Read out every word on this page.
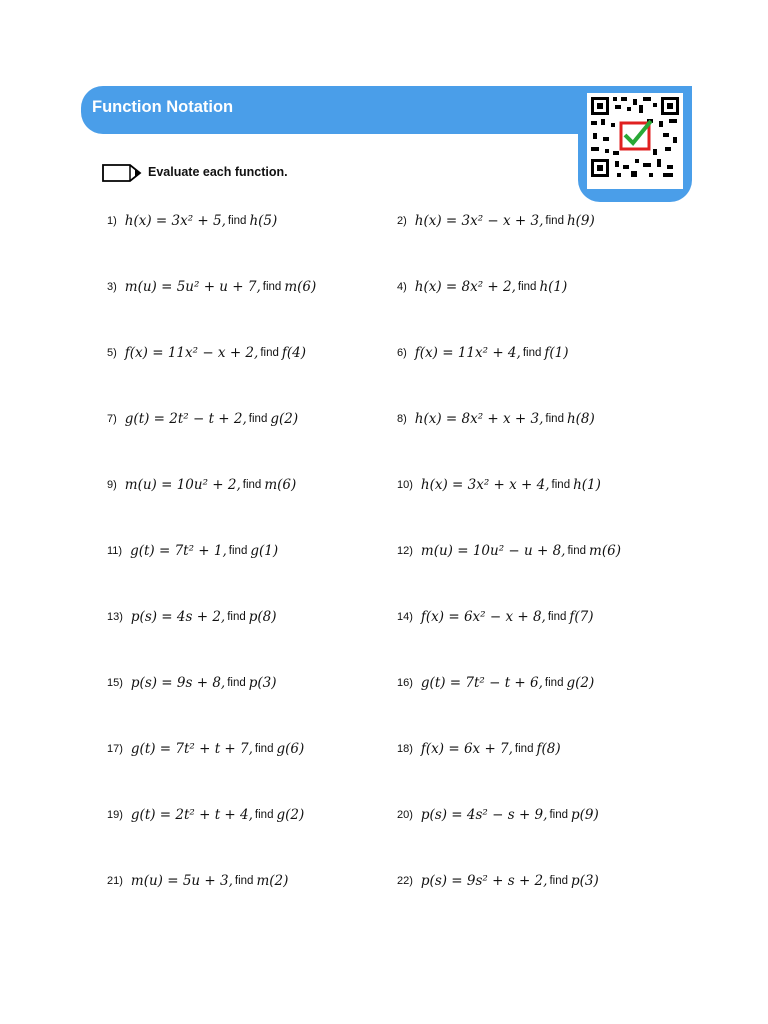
Function Notation
testinar.com/t/?c=20
Evaluate each function.
1) h(x) = 3x² + 5, find h(5)	2) h(x) = 3x² − x + 3, find h(9)
3) m(u) = 5u² + u + 7, find m(6)	4) h(x) = 8x² + 2, find h(1)
5) f(x) = 11x² − x + 2, find f(4)	6) f(x) = 11x² + 4, find f(1)
7) g(t) = 2t² − t + 2, find g(2)	8) h(x) = 8x² + x + 3, find h(8)
9) m(u) = 10u² + 2, find m(6)	10) h(x) = 3x² + x + 4, find h(1)
11) g(t) = 7t² + 1, find g(1)	12) m(u) = 10u² − u + 8, find m(6)
13) p(s) = 4s + 2, find p(8)	14) f(x) = 6x² − x + 8, find f(7)
15) p(s) = 9s + 8, find p(3)	16) g(t) = 7t² − t + 6, find g(2)
17) g(t) = 7t² + t + 7, find g(6)	18) f(x) = 6x + 7, find f(8)
19) g(t) = 2t² + t + 4, find g(2)	20) p(s) = 4s² − s + 9, find p(9)
21) m(u) = 5u + 3, find m(2)	22) p(s) = 9s² + s + 2, find p(3)
